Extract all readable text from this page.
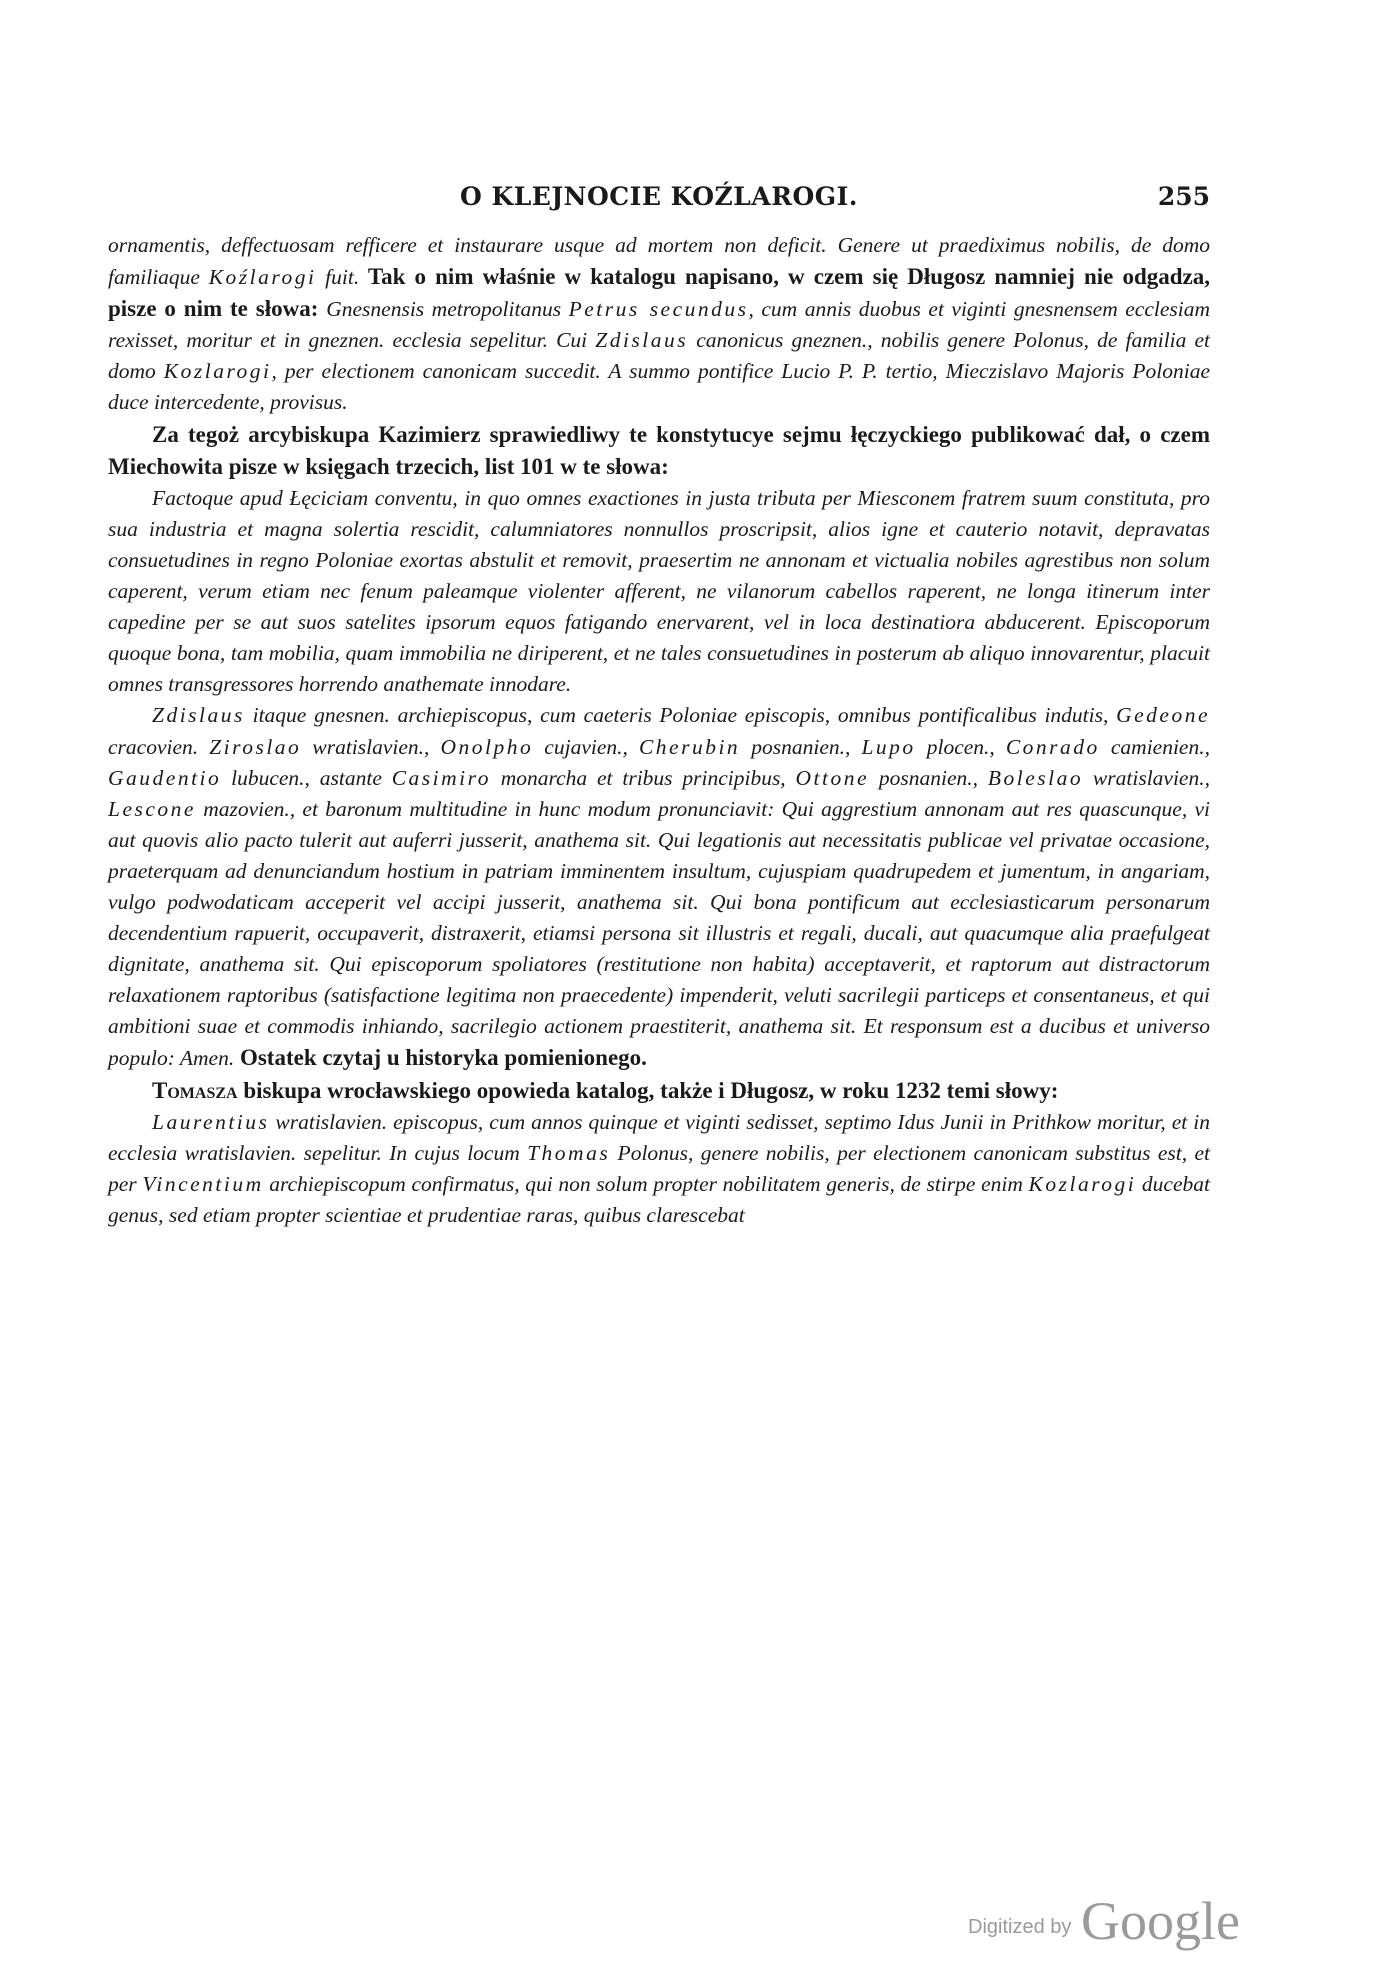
O KLEJNOCIE KOŹLAROGI.	255

ornamentis, deffectuosam refficere et instaurare usque ad mortem non deficit. Genere ut praediximus nobilis, de domo familiaque Koźlarogi fuit. Tak o nim właśnie w katalogu napisano, w czem się Długosz namniej nie odgadza, pisze o nim te słowa: Gnesnensis metropolitanus Petrus secundus, cum annis duobus et viginti gnesnensem ecclesiam rexisset, moritur et in gneznen. ecclesia sepelitur. Cui Zdislaus canonicus gneznen., nobilis genere Polonus, de familia et domo Kozlarogi, per electionem canonicam succedit. A summo pontifice Lucio P. P. tertio, Mieczislavo Majoris Poloniae duce intercedente, provisus.

Za tegoż arcybiskupa Kazimierz sprawiedliwy te konstytucye sejmu łęczyckiego publikować dał, o czem Miechowita pisze w księgach trzecich, list 101 w te słowa:

Factoque apud Łęciciam conventu, in quo omnes exactiones in justa tributa per Miesconem fratrem suum constituta, pro sua industria et magna solertia rescidit, calumniatores nonnullos proscripsit, alios igne et cauterio notavit, depravatas consuetudines in regno Poloniae exortas abstulit et removit, praesertim ne annonam et victualia nobiles agrestibus non solum caperent, verum etiam nec fenum paleamque violenter afferent, ne vilanorum cabellos raperent, ne longa itinerum inter capedine per se aut suos satelites ipsorum equos fatigando enervarent, vel in loca destinatiora abducerent. Episcoporum quoque bona, tam mobilia, quam immobilia ne diriperent, et ne tales consuetudines in posterum ab aliquo innovarentur, placuit omnes transgressores horrendo anathemate innodare.

Zdislaus itaque gnesnen. archiepiscopus, cum caeteris Poloniae episcopis, omnibus pontificalibus indutis, Gedeone cracovien. Ziroslao wratislavien., Onolpho cujavien., Cherubin posnanien., Lupo plocen., Conrado camienien., Gaudentio lubucen., astante Casimiro monarcha et tribus principibus, Ottone posnanien., Boleslao wratislavien., Lescone mazovien., et baronum multitudine in hunc modum pronunciavit: Qui aggrestium annonam aut res quascunque, vi aut quovis alio pacto tulerit aut auferri jusserit, anathema sit. Qui legationis aut necessitatis publicae vel privatae occasione, praeterquam ad denunciandum hostium in patriam imminentem insultum, cujuspiam quadrupedem et jumentum, in angariam, vulgo podwodaticam acceperit vel accipi jusserit, anathema sit. Qui bona pontificum aut ecclesiasticarum personarum decendentium rapuerit, occupaverit, distraxerit, etiamsi persona sit illustris et regali, ducali, aut quacumque alia praefulgeat dignitate, anathema sit. Qui episcoporum spoliatores (restitutione non habita) acceptaverit, et raptorum aut distractorum relaxationem raptoribus (satisfactione legitima non praecedente) impenderit, veluti sacrilegii particeps et consentaneus, et qui ambitioni suae et commodis inhiando, sacrilegio actionem praestiterit, anathema sit. Et responsum est a ducibus et universo populo: Amen. Ostatek czytaj u historyka pomienionego.

Tomasza biskupa wrocławskiego opowieda katalog, także i Długosz, w roku 1232 temi słowy:

Laurentius wratislavien. episcopus, cum annos quinque et viginti sedisset, septimo Idus Junii in Prithkow moritur, et in ecclesia wratislavien. sepelitur. In cujus locum Thomas Polonus, genere nobilis, per electionem canonicam substitus est, et per Vincentium archiepiscopum confirmatus, qui non solum propter nobilitatem generis, de stirpe enim Kozlarogi ducebat genus, sed etiam propter scientiae et prudentiae raras, quibus clarescebat

Digitized by Google
